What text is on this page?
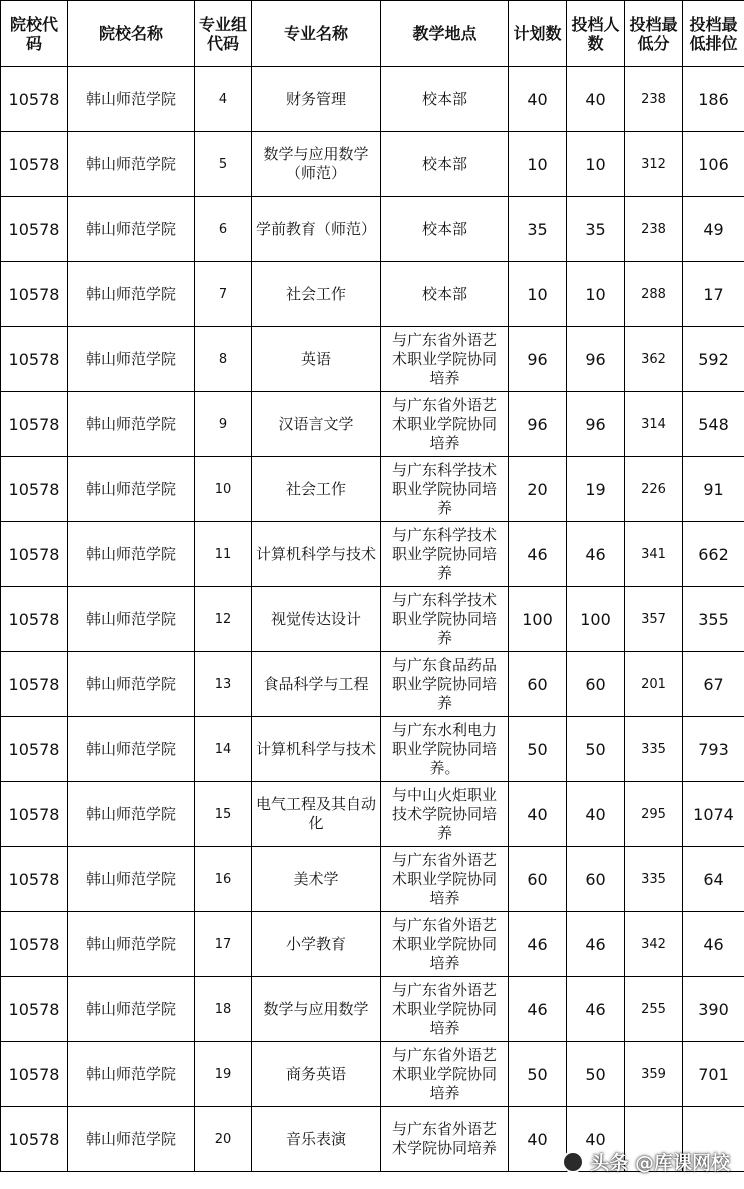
院校代码	院校名称	专业组代码	专业名称	教学地点	计划数	投档人数	投档最低分	投档最低排位
10578	韩山师范学院	4	财务管理	校本部	40	40	238	186
10578	韩山师范学院	5	数学与应用数学（师范）	校本部	10	10	312	106
10578	韩山师范学院	6	学前教育（师范）	校本部	35	35	238	49
10578	韩山师范学院	7	社会工作	校本部	10	10	288	17
10578	韩山师范学院	8	英语	与广东省外语艺术职业学院协同培养	96	96	362	592
10578	韩山师范学院	9	汉语言文学	与广东省外语艺术职业学院协同培养	96	96	314	548
10578	韩山师范学院	10	社会工作	与广东科学技术职业学院协同培养	20	19	226	91
10578	韩山师范学院	11	计算机科学与技术	与广东科学技术职业学院协同培养	46	46	341	662
10578	韩山师范学院	12	视觉传达设计	与广东科学技术职业学院协同培养	100	100	357	355
10578	韩山师范学院	13	食品科学与工程	与广东食品药品职业学院协同培养	60	60	201	67
10578	韩山师范学院	14	计算机科学与技术	与广东水利电力职业学院协同培养。	50	50	335	793
10578	韩山师范学院	15	电气工程及其自动化	与中山火炬职业技术学院协同培养	40	40	295	1074
10578	韩山师范学院	16	美术学	与广东省外语艺术职业学院协同培养	60	60	335	64
10578	韩山师范学院	17	小学教育	与广东省外语艺术职业学院协同培养	46	46	342	46
10578	韩山师范学院	18	数学与应用数学	与广东省外语艺术职业学院协同培养	46	46	255	390
10578	韩山师范学院	19	商务英语	与广东省外语艺术职业学院协同培养	50	50	359	701
10578	韩山师范学院	20	音乐表演	与广东省外语艺术学院协同培养	40	40		
头条 @库课网校
